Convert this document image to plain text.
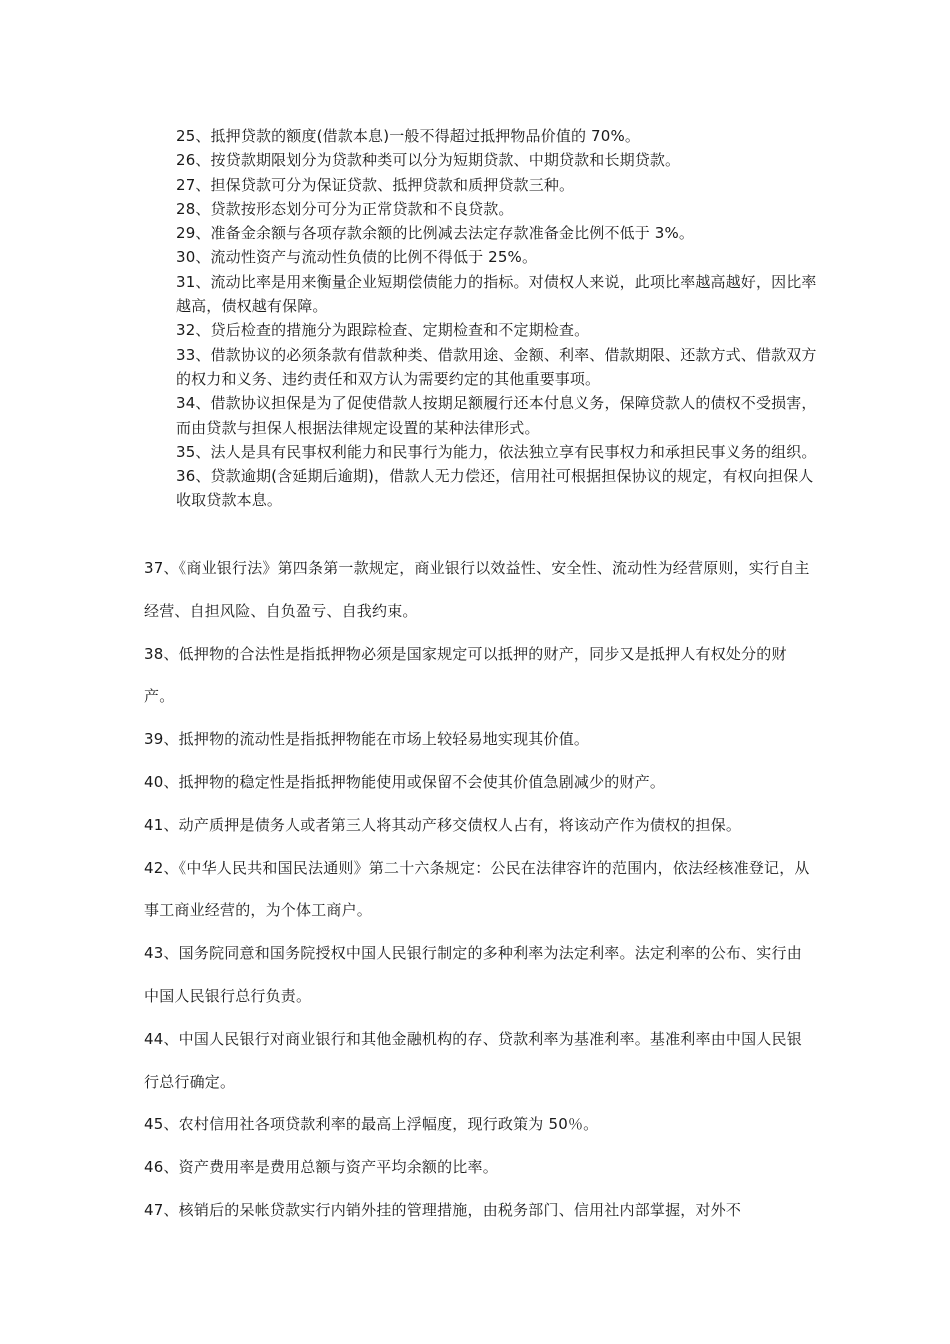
25、抵押贷款的额度(借款本息)一般不得超过抵押物品价值的 70%。

26、按贷款期限划分为贷款种类可以分为短期贷款、中期贷款和长期贷款。

27、担保贷款可分为保证贷款、抵押贷款和质押贷款三种。

28、贷款按形态划分可分为正常贷款和不良贷款。

29、准备金余额与各项存款余额的比例减去法定存款准备金比例不低于 3%。

30、流动性资产与流动性负债的比例不得低于 25%。

31、流动比率是用来衡量企业短期偿债能力的指标。对债权人来说，此项比率越高越好，因比率越高，债权越有保障。

32、贷后检查的措施分为跟踪检查、定期检查和不定期检查。

33、借款协议的必须条款有借款种类、借款用途、金额、利率、借款期限、还款方式、借款双方的权力和义务、违约责任和双方认为需要约定的其他重要事项。

34、借款协议担保是为了促使借款人按期足额履行还本付息义务，保障贷款人的债权不受损害，而由贷款与担保人根据法律规定设置的某种法律形式。

35、法人是具有民事权利能力和民事行为能力，依法独立享有民事权力和承担民事义务的组织。

36、贷款逾期(含延期后逾期)，借款人无力偿还，信用社可根据担保协议的规定，有权向担保人收取贷款本息。

37、《商业银行法》第四条第一款规定，商业银行以效益性、安全性、流动性为经营原则，实行自主经营、自担风险、自负盈亏、自我约束。

38、低押物的合法性是指抵押物必须是国家规定可以抵押的财产，同步又是抵押人有权处分的财产。

39、抵押物的流动性是指抵押物能在市场上较轻易地实现其价值。

40、抵押物的稳定性是指抵押物能使用或保留不会使其价值急剧减少的财产。

41、动产质押是债务人或者第三人将其动产移交债权人占有，将该动产作为债权的担保。

42、《中华人民共和国民法通则》第二十六条规定：公民在法律容许的范围内，依法经核准登记，从事工商业经营的，为个体工商户。

43、国务院同意和国务院授权中国人民银行制定的多种利率为法定利率。法定利率的公布、实行由中国人民银行总行负责。

44、中国人民银行对商业银行和其他金融机构的存、贷款利率为基准利率。基准利率由中国人民银行总行确定。

45、农村信用社各项贷款利率的最高上浮幅度，现行政策为 50％。

46、资产费用率是费用总额与资产平均余额的比率。

47、核销后的呆帐贷款实行内销外挂的管理措施，由税务部门、信用社内部掌握，对外不
